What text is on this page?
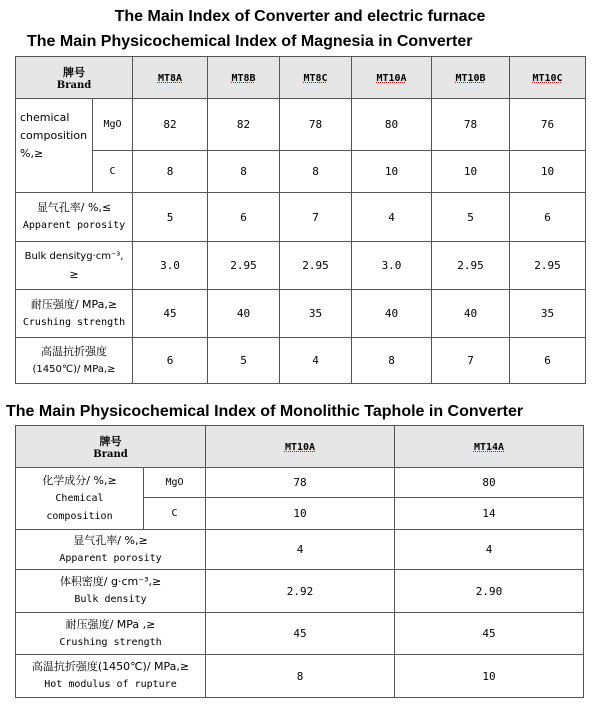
The Main Index of Converter and electric furnace
The Main Physicochemical Index of Magnesia in Converter
牌号
Brand		MT8A	MT8B	MT8C	MT10A	MT10B	MT10C

chemical
composition
%,≥	MgO	82	82	78	80	78	76
	C	8	8	8	10	10	10

显气孔率/ %,≤
Apparent porosity		5	6	7	4	5	6

Bulk densityg·cm⁻³,
≥		3.0	2.95	2.95	3.0	2.95	2.95

耐压强度/ MPa,≥
Crushing strength		45	40	35	40	40	35

高温抗折强度
(1450℃)/ MPa,≥		6	5	4	8	7	6
The Main Physicochemical Index of Monolithic Taphole in Converter
牌号
Brand		MT10A	MT14A

化学成分/ %,≥
Chemical
composition	MgO	78	80
	C	10	14

显气孔率/ %,≥
Apparent porosity		4	4

体积密度/ g·cm⁻³,≥
Bulk density		2.92	2.90

耐压强度/ MPa ,≥
Crushing strength		45	45

高温抗折强度(1450℃)/ MPa,≥
Hot modulus of rupture		8	10
